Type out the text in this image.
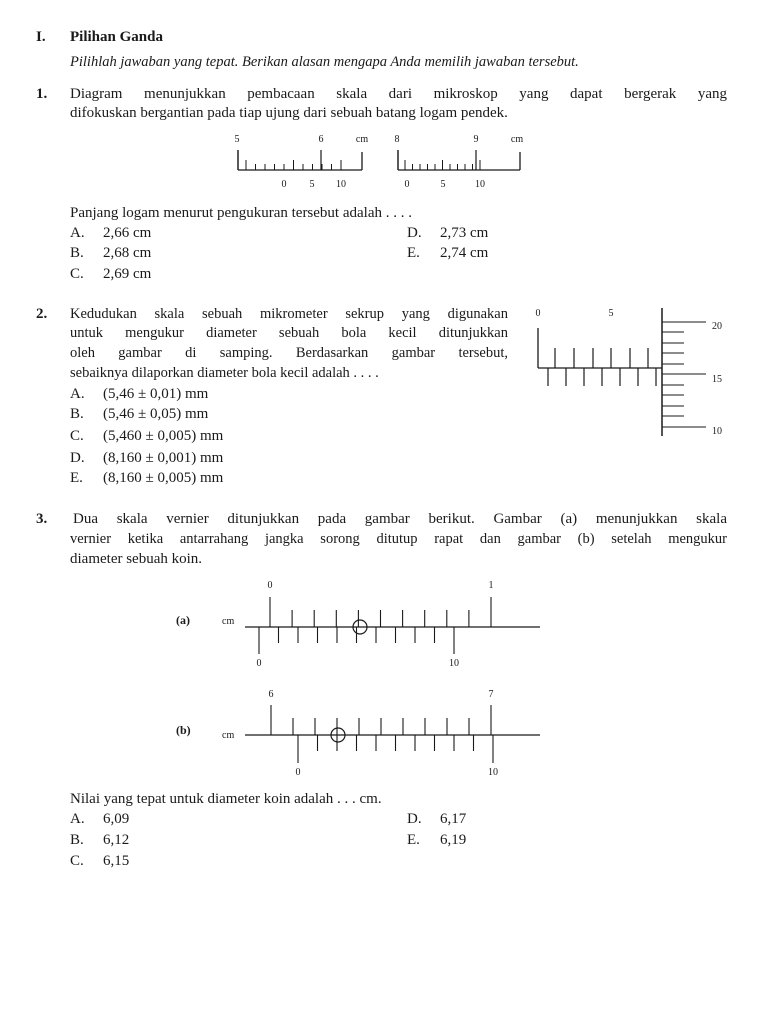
I. Pilihan Ganda
Pilihlah jawaban yang tepat. Berikan alasan mengapa Anda memilih jawaban tersebut.
1. Diagram menunjukkan pembacaan skala dari mikroskop yang dapat bergerak yang
difokuskan bergantian pada tiap ujung dari sebuah batang logam pendek.
5	6	cm
0 5 10
8	9	cm
0	5	10
Panjang logam menurut pengukuran tersebut adalah . . . .
A. 2,66 cm
B. 2,68 cm
C. 2,69 cm
D. 2,73 cm
E. 2,74 cm
2. Kedudukan skala sebuah mikrometer sekrup yang digunakan
untuk mengukur diameter sebuah bola kecil ditunjukkan
oleh gambar di samping. Berdasarkan gambar tersebut,
sebaiknya dilaporkan diameter bola kecil adalah . . . .
0	5
20
15
10
A. (5,46 ± 0,01) mm
B. (5,46 ± 0,05) mm
C. (5,460 ± 0,005) mm
D. (8,160 ± 0,001) mm
E. (8,160 ± 0,005) mm
3. Dua skala vernier ditunjukkan pada gambar berikut. Gambar (a) menunjukkan skala
vernier ketika antarrahang jangka sorong ditutup rapat dan gambar (b) setelah mengukur
diameter sebuah koin.
(a)	cm
0	1
0	10
(b)	cm
6	7
0	10
Nilai yang tepat untuk diameter koin adalah . . . cm.
A. 6,09
B. 6,12
C. 6,15
D. 6,17
E. 6,19
